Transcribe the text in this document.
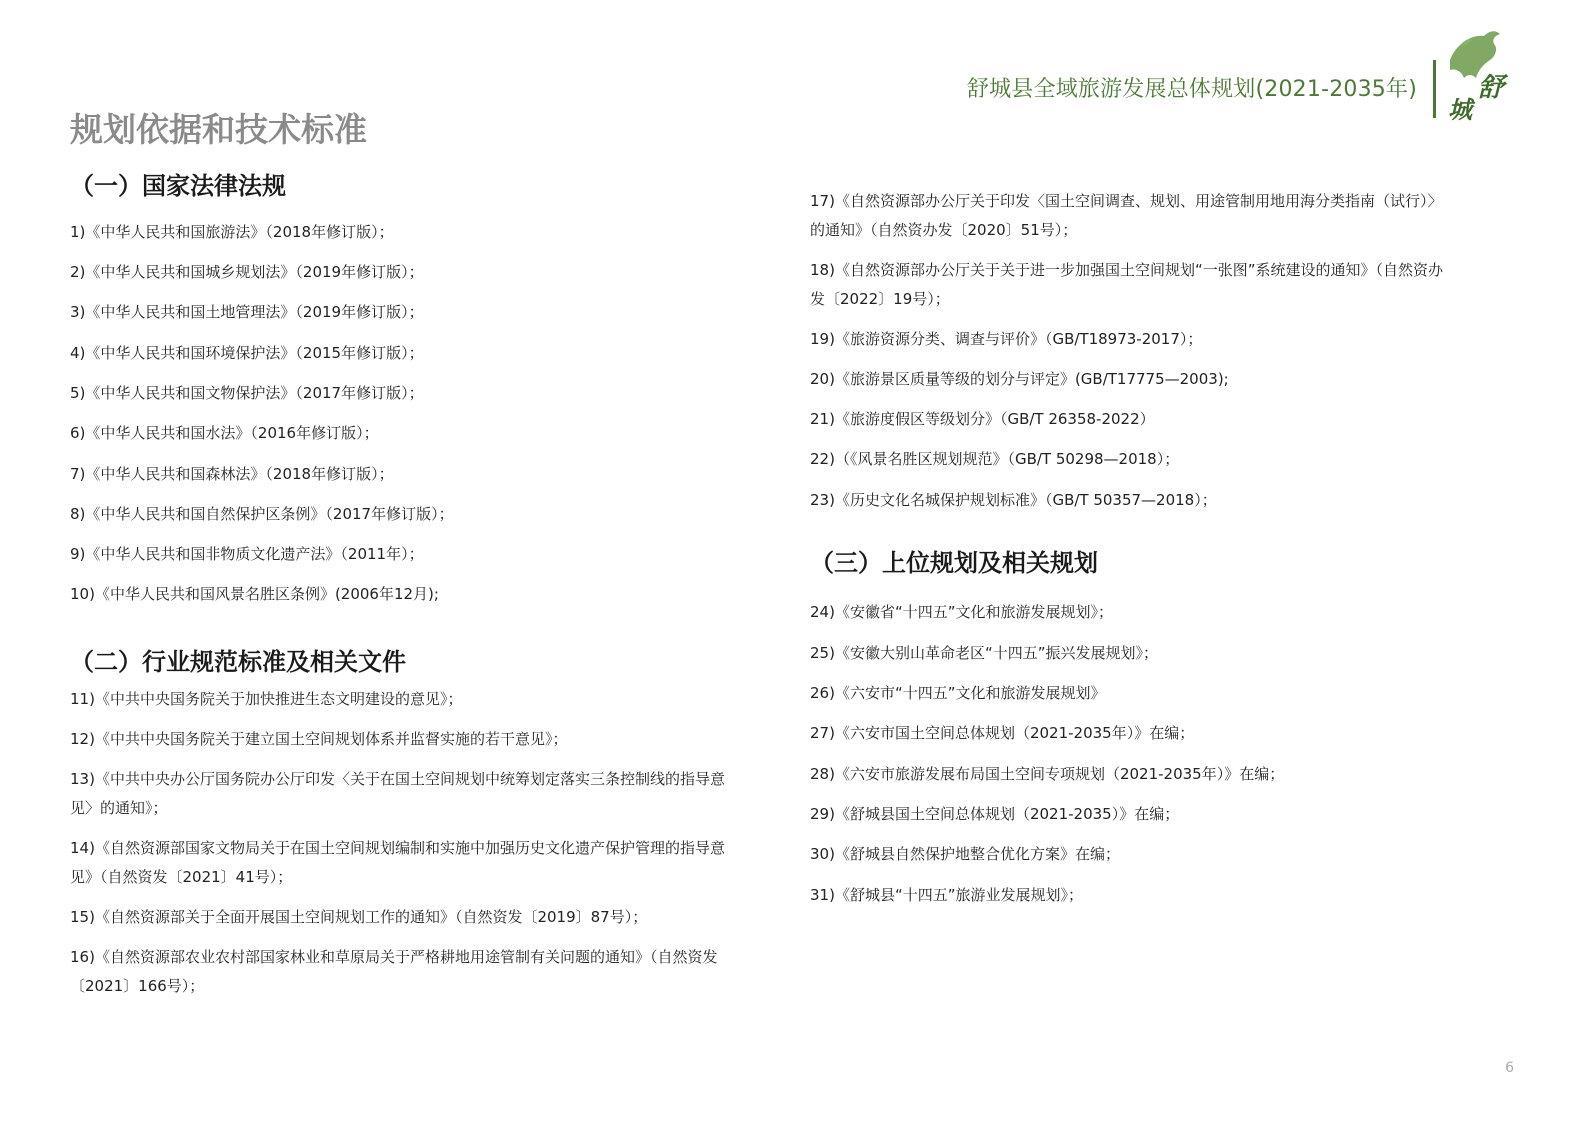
舒城县全域旅游发展总体规划(2021-2035年) 舒
城
规划依据和技术标准
（一）国家法律法规

1)《中华人民共和国旅游法》（2018年修订版）；

2)《中华人民共和国城乡规划法》（2019年修订版）；

3)《中华人民共和国土地管理法》（2019年修订版）；

4)《中华人民共和国环境保护法》（2015年修订版）；

5)《中华人民共和国文物保护法》（2017年修订版）；

6)《中华人民共和国水法》（2016年修订版）；

7)《中华人民共和国森林法》（2018年修订版）；

8)《中华人民共和国自然保护区条例》（2017年修订版）；

9)《中华人民共和国非物质文化遗产法》（2011年）；

10)《中华人民共和国风景名胜区条例》(2006年12月);

（二）行业规范标准及相关文件

11)《中共中央国务院关于加快推进生态文明建设的意见》；

12)《中共中央国务院关于建立国土空间规划体系并监督实施的若干意见》；

13)《中共中央办公厅国务院办公厅印发〈关于在国土空间规划中统筹划定落实三条控制线的指导意见〉的通知》；

14)《自然资源部国家文物局关于在国土空间规划编制和实施中加强历史文化遗产保护管理的指导意见》（自然资发〔2021〕41号）；

15)《自然资源部关于全面开展国土空间规划工作的通知》（自然资发〔2019〕87号）；

16)《自然资源部农业农村部国家林业和草原局关于严格耕地用途管制有关问题的通知》（自然资发〔2021〕166号）；

17)《自然资源部办公厅关于印发〈国土空间调查、规划、用途管制用地用海分类指南（试行）〉的通知》（自然资办发〔2020〕51号）；

18)《自然资源部办公厅关于关于进一步加强国土空间规划“一张图”系统建设的通知》（自然资办发〔2022〕19号）；

19)《旅游资源分类、调查与评价》（GB/T18973-2017）；

20)《旅游景区质量等级的划分与评定》(GB/T17775—2003);

21)《旅游度假区等级划分》（GB/T 26358-2022）

22)（《风景名胜区规划规范》（GB/T 50298—2018）；

23)《历史文化名城保护规划标准》（GB/T 50357—2018）；

（三）上位规划及相关规划

24)《安徽省“十四五”文化和旅游发展规划》；

25)《安徽大别山革命老区“十四五”振兴发展规划》；

26)《六安市“十四五”文化和旅游发展规划》

27)《六安市国土空间总体规划（2021-2035年）》在编；

28)《六安市旅游发展布局国土空间专项规划（2021-2035年）》在编；

29)《舒城县国土空间总体规划（2021-2035）》在编；

30)《舒城县自然保护地整合优化方案》在编；

31)《舒城县“十四五”旅游业发展规划》；

6
